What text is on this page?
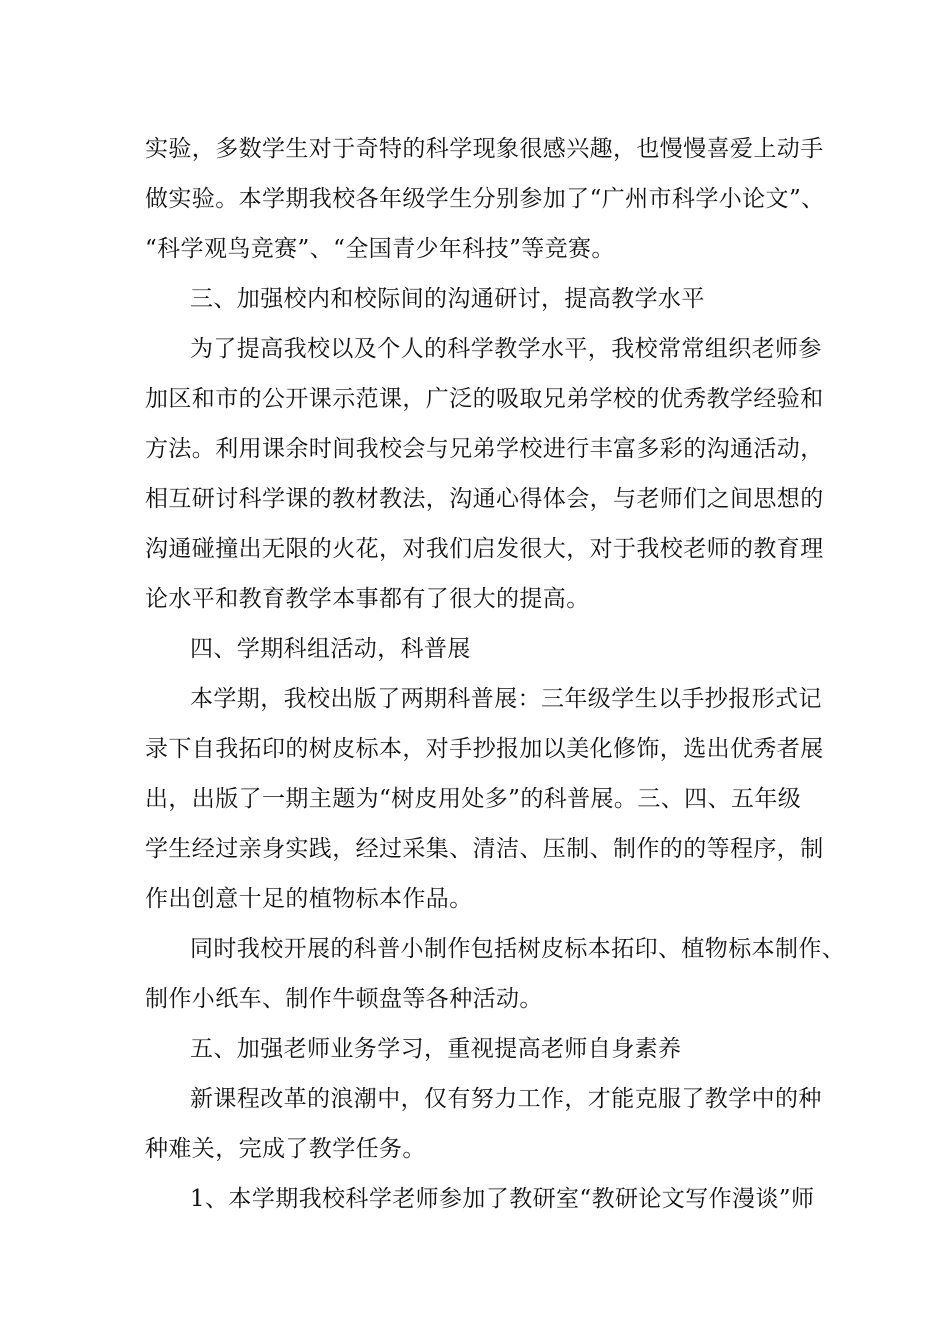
实验，多数学生对于奇特的科学现象很感兴趣，也慢慢喜爱上动手
做实验。本学期我校各年级学生分别参加了“广州市科学小论文”、
“科学观鸟竞赛”、“全国青少年科技”等竞赛。
三、加强校内和校际间的沟通研讨，提高教学水平
为了提高我校以及个人的科学教学水平，我校常常组织老师参
加区和市的公开课示范课，广泛的吸取兄弟学校的优秀教学经验和
方法。利用课余时间我校会与兄弟学校进行丰富多彩的沟通活动，
相互研讨科学课的教材教法，沟通心得体会，与老师们之间思想的
沟通碰撞出无限的火花，对我们启发很大，对于我校老师的教育理
论水平和教育教学本事都有了很大的提高。
四、学期科组活动，科普展
本学期，我校出版了两期科普展：三年级学生以手抄报形式记
录下自我拓印的树皮标本，对手抄报加以美化修饰，选出优秀者展
出，出版了一期主题为“树皮用处多”的科普展。三、四、五年级
学生经过亲身实践，经过采集、清洁、压制、制作的的等程序，制
作出创意十足的植物标本作品。
同时我校开展的科普小制作包括树皮标本拓印、植物标本制作、
制作小纸车、制作牛顿盘等各种活动。
五、加强老师业务学习，重视提高老师自身素养
新课程改革的浪潮中，仅有努力工作，才能克服了教学中的种
种难关，完成了教学任务。
1、本学期我校科学老师参加了教研室“教研论文写作漫谈”师
